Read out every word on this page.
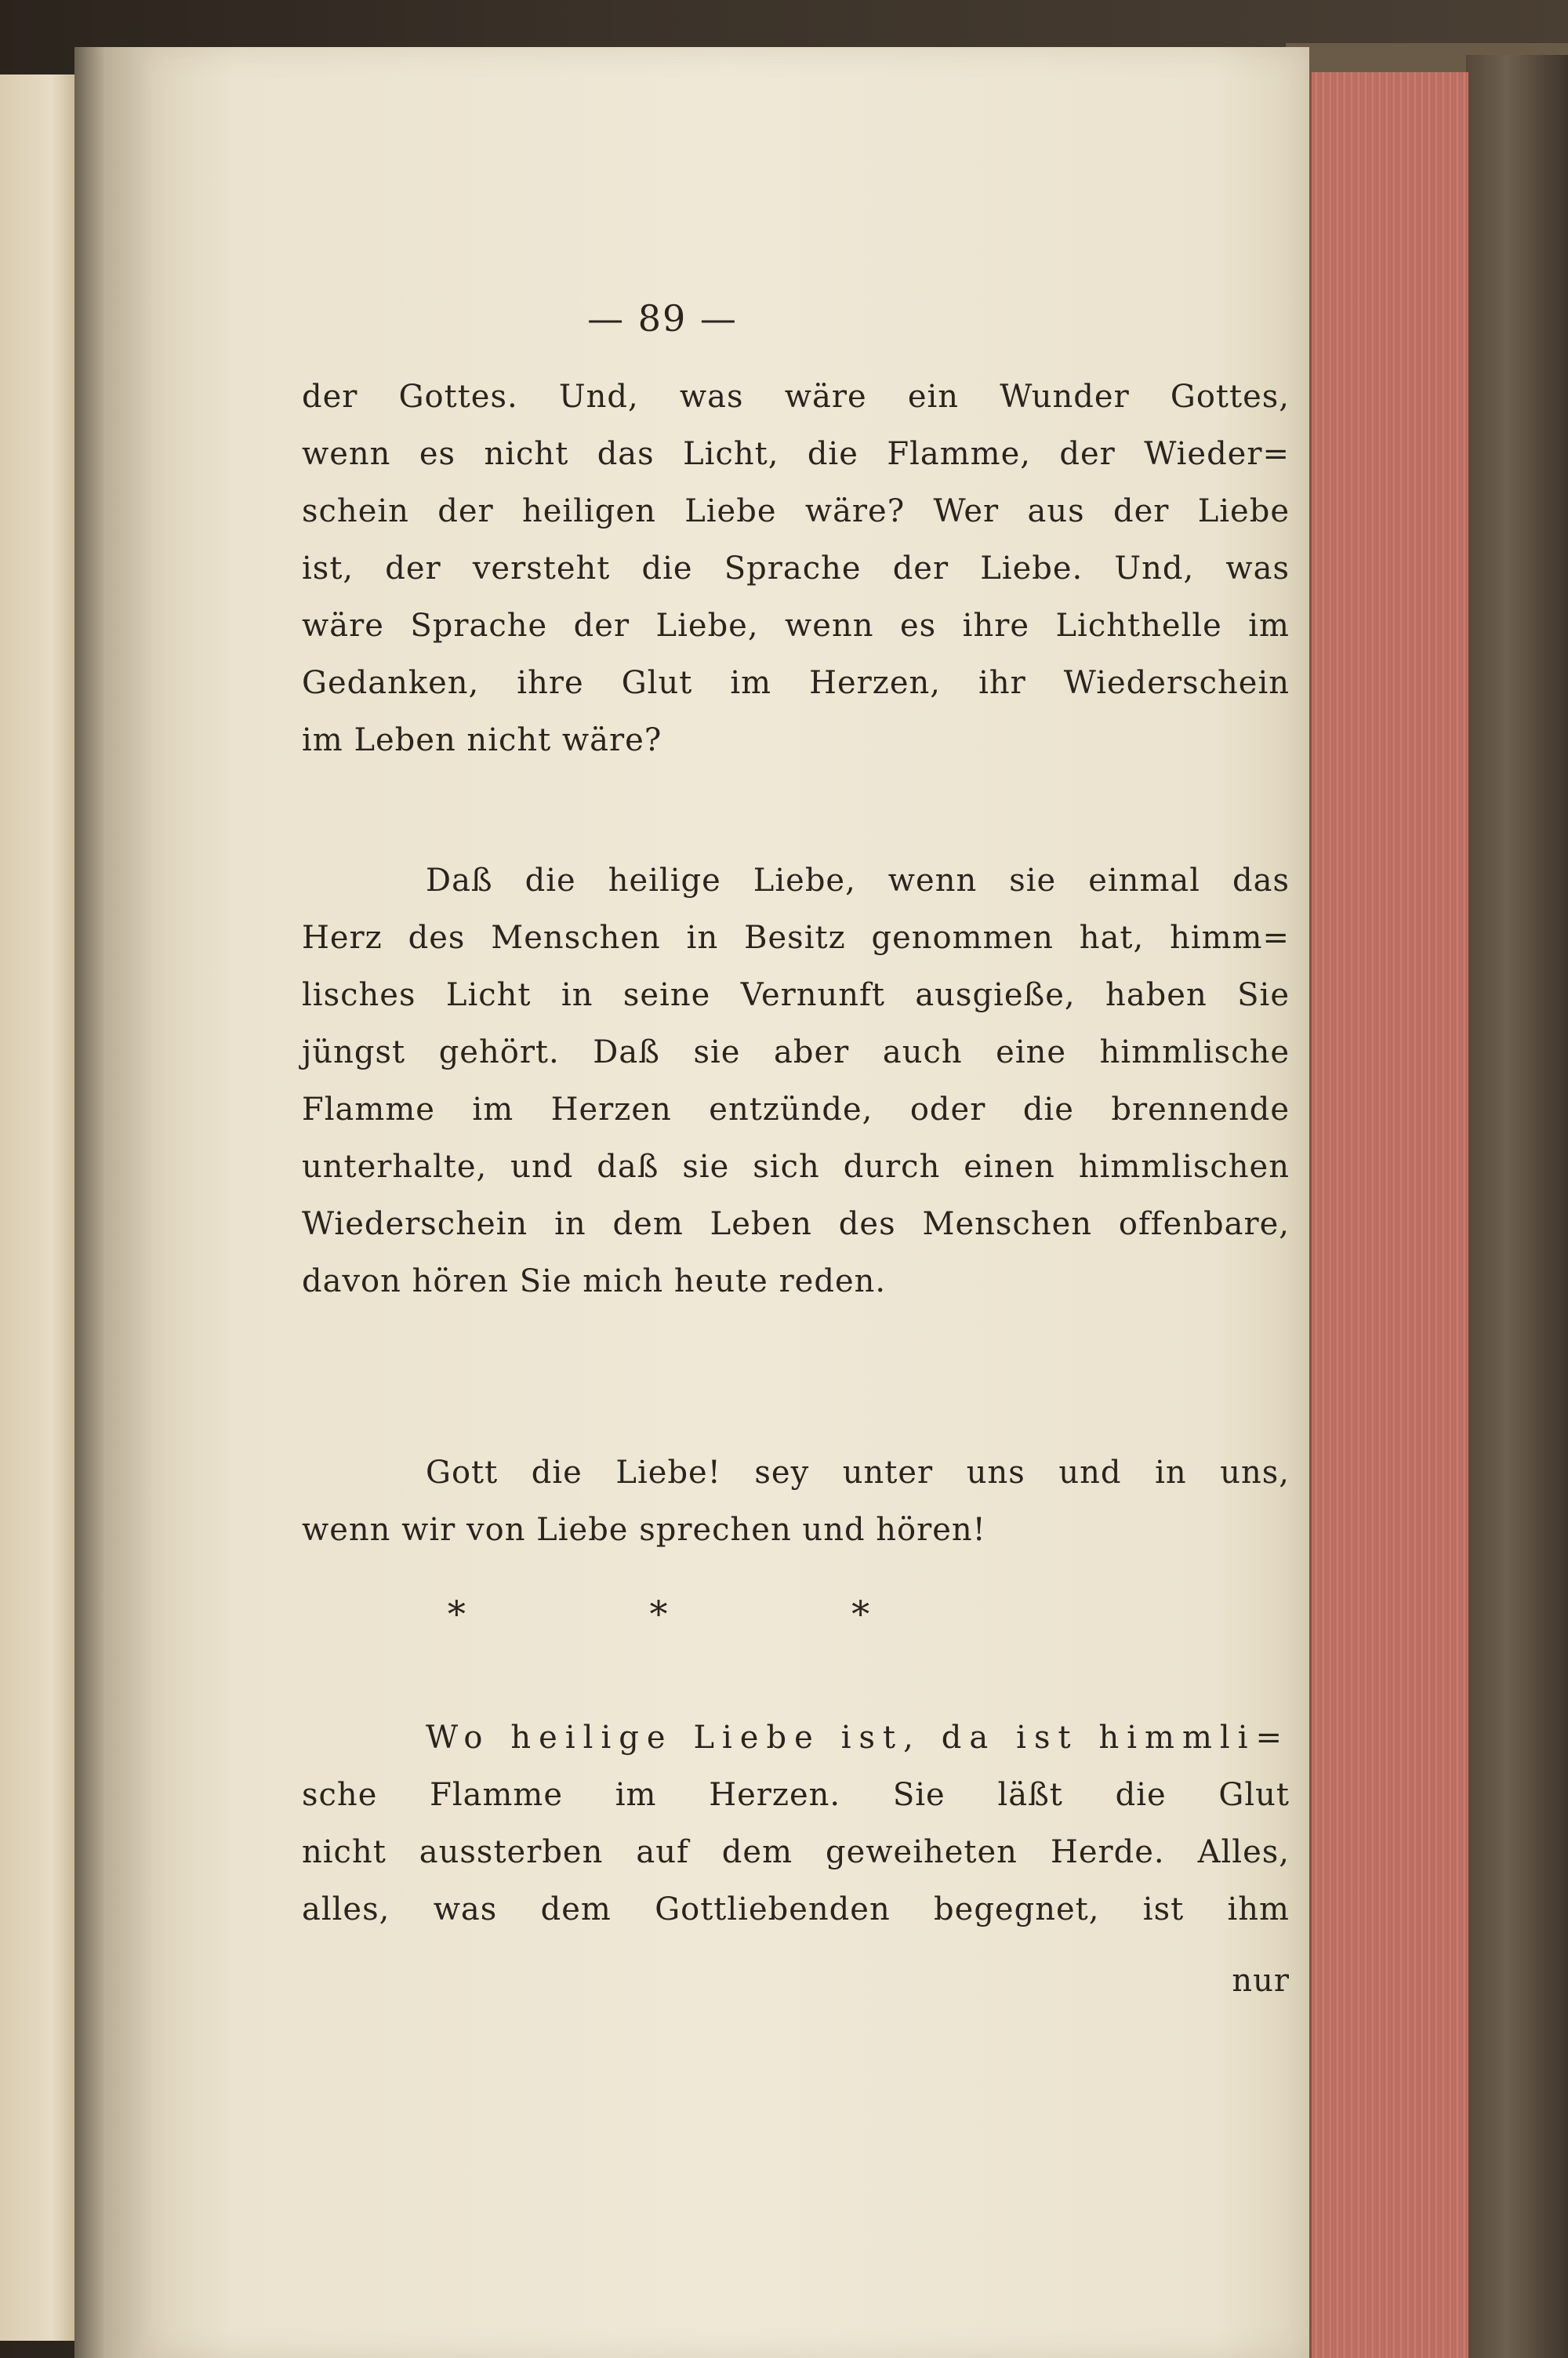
— 89 —
der Gottes. Und, was wäre ein Wunder Gottes,
wenn es nicht das Licht, die Flamme, der Wieder=
schein der heiligen Liebe wäre? Wer aus der Liebe
ist, der versteht die Sprache der Liebe. Und, was
wäre Sprache der Liebe, wenn es ihre Lichthelle im
Gedanken, ihre Glut im Herzen, ihr Wiederschein
im Leben nicht wäre?
Daß die heilige Liebe, wenn sie einmal das
Herz des Menschen in Besitz genommen hat, himm=
lisches Licht in seine Vernunft ausgieße, haben Sie
jüngst gehört. Daß sie aber auch eine himmlische
Flamme im Herzen entzünde, oder die brennende
unterhalte, und daß sie sich durch einen himmlischen
Wiederschein in dem Leben des Menschen offenbare,
davon hören Sie mich heute reden.
Gott die Liebe! sey unter uns und in uns,
wenn wir von Liebe sprechen und hören!
* * *
Wo heilige Liebe ist, da ist himmli=
sche Flamme im Herzen. Sie läßt die Glut
nicht aussterben auf dem geweiheten Herde. Alles,
alles, was dem Gottliebenden begegnet, ist ihm
nur
